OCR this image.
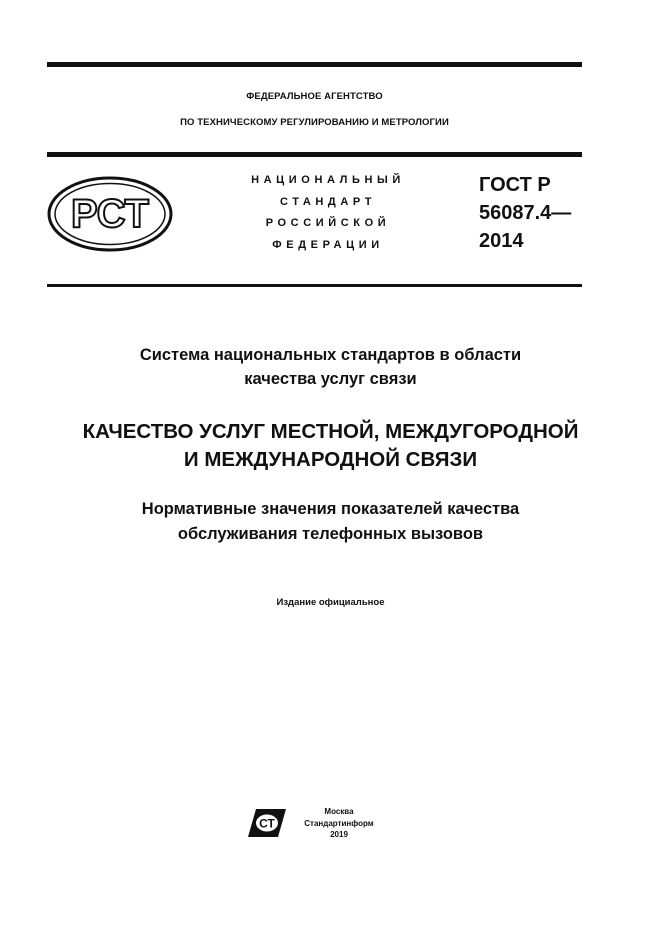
ФЕДЕРАЛЬНОЕ АГЕНТСТВО
ПО ТЕХНИЧЕСКОМУ РЕГУЛИРОВАНИЮ И МЕТРОЛОГИИ
РСТ
НАЦИОНАЛЬНЫЙ
СТАНДАРТ
РОССИЙСКОЙ
ФЕДЕРАЦИИ
ГОСТ Р
56087.4—
2014
Система национальных стандартов в области
качества услуг связи
КАЧЕСТВО УСЛУГ МЕСТНОЙ, МЕЖДУГОРОДНОЙ
И МЕЖДУНАРОДНОЙ СВЯЗИ
Нормативные значения показателей качества
обслуживания телефонных вызовов
Издание официальное
СТ
Москва
Стандартинформ
2019
